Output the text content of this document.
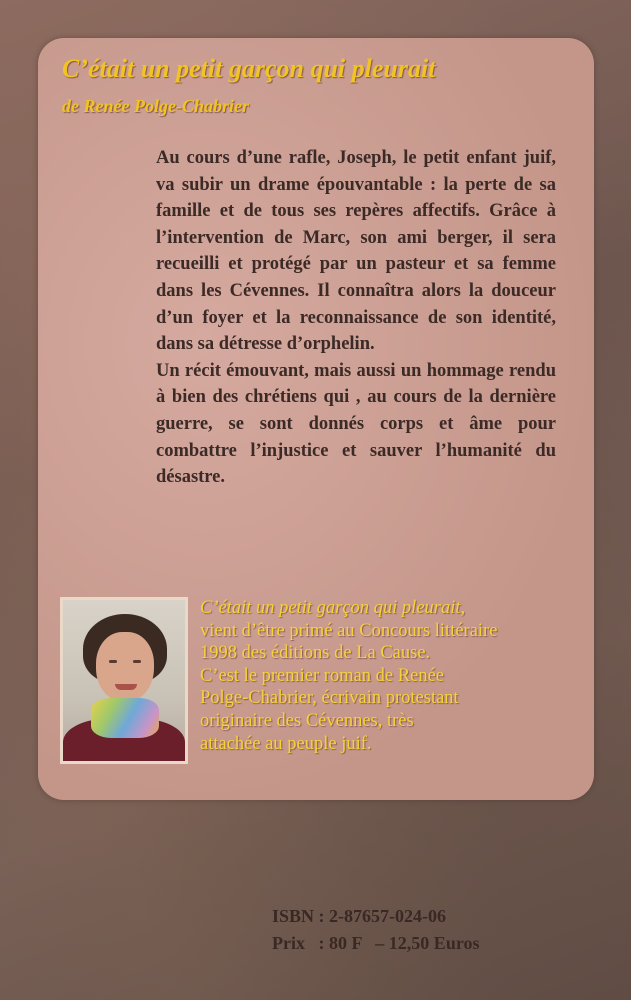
C’était un petit garçon qui pleurait
de Renée Polge-Chabrier

Au cours d’une rafle, Joseph, le petit enfant juif, va subir un drame épouvantable : la perte de sa famille et de tous ses repères affectifs. Grâce à l’intervention de Marc, son ami berger, il sera recueilli et protégé par un pasteur et sa femme dans les Cévennes. Il connaîtra alors la douceur d’un foyer et la reconnaissance de son identité, dans sa détresse d’orphelin.

Un récit émouvant, mais aussi un hommage rendu à bien des chrétiens qui , au cours de la dernière guerre, se sont donnés corps et âme pour combattre l’injustice et sauver l’humanité du désastre.

C’était un petit garçon qui pleurait,
vient d’être primé au Concours littéraire
1998 des éditions de La Cause.
C’est le premier roman de Renée
Polge-Chabrier, écrivain protestant
originaire des Cévennes, très
attachée au peuple juif.

ISBN : 2-87657-024-06

Prix   : 80 F   – 12,50 Euros
